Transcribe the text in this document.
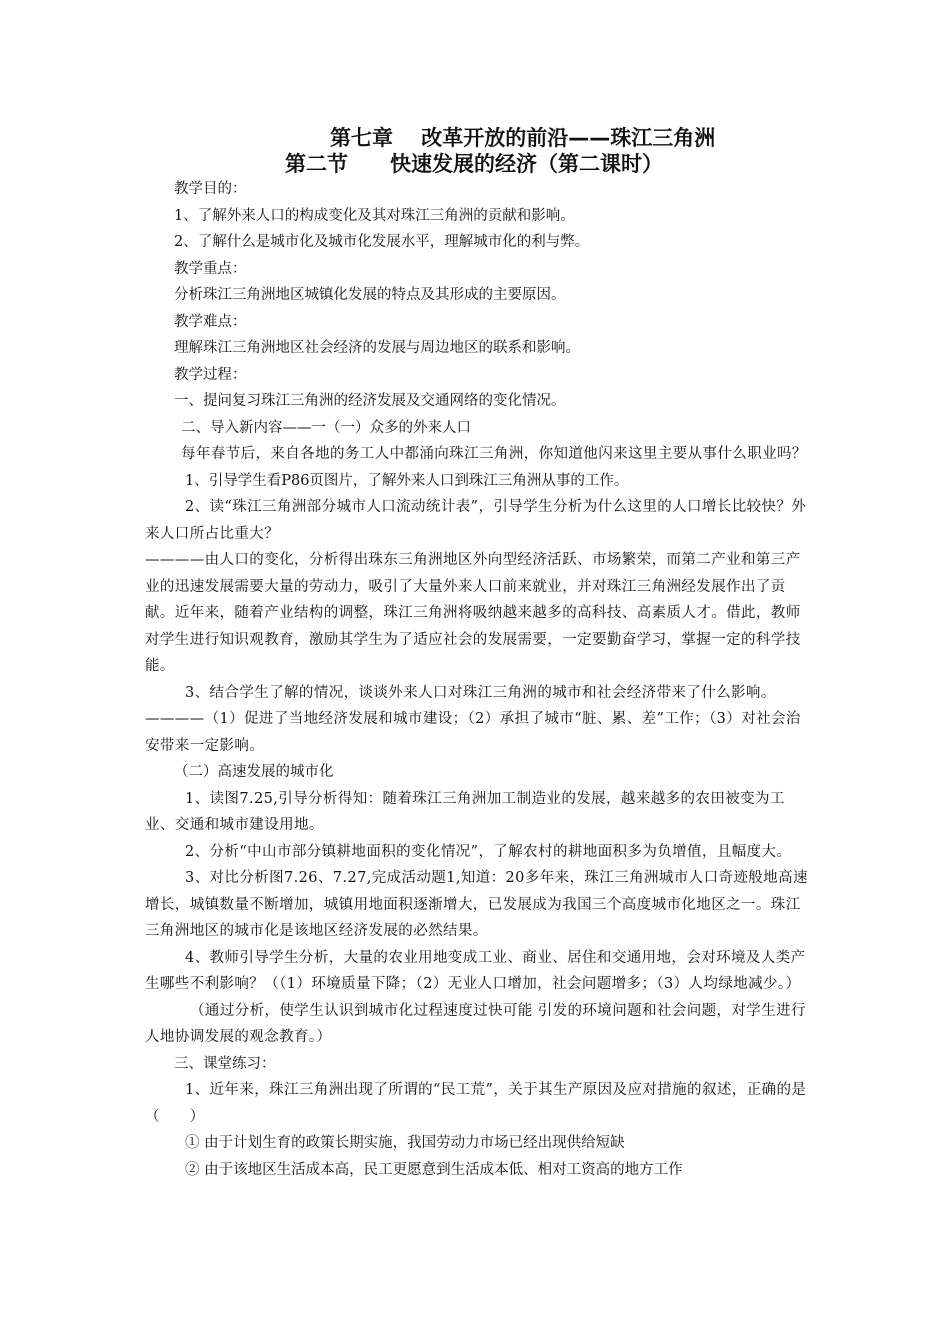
第七章　 改革开放的前沿——珠江三角洲
第二节　　快速发展的经济（第二课时）

教学目的：

1、了解外来人口的构成变化及其对珠江三角洲的贡献和影响。

2、了解什么是城市化及城市化发展水平，理解城市化的利与弊。

教学重点：

分析珠江三角洲地区城镇化发展的特点及其形成的主要原因。

教学难点：

理解珠江三角洲地区社会经济的发展与周边地区的联系和影响。

教学过程：

一、提问复习珠江三角洲的经济发展及交通网络的变化情况。

二、导入新内容——一（一）众多的外来人口

每年春节后，来自各地的务工人中都涌向珠江三角洲，你知道他闪来这里主要从事什么职业吗？

1、引导学生看P86页图片，了解外来人口到珠江三角洲从事的工作。

2、读“珠江三角洲部分城市人口流动统计表”，引导学生分析为什么这里的人口增长比较快？外来人口所占比重大？

————由人口的变化，分析得出珠东三角洲地区外向型经济活跃、市场繁荣，而第二产业和第三产业的迅速发展需要大量的劳动力，吸引了大量外来人口前来就业，并对珠江三角洲经发展作出了贡献。近年来，随着产业结构的调整，珠江三角洲将吸纳越来越多的高科技、高素质人才。借此，教师对学生进行知识观教育，激励其学生为了适应社会的发展需要，一定要勤奋学习，掌握一定的科学技能。

3、结合学生了解的情况，谈谈外来人口对珠江三角洲的城市和社会经济带来了什么影响。

————（1）促进了当地经济发展和城市建设；（2）承担了城市“脏、累、差”工作；（3）对社会治安带来一定影响。

（二）高速发展的城市化

1、读图7.25,引导分析得知：随着珠江三角洲加工制造业的发展，越来越多的农田被变为工业、交通和城市建设用地。

2、分析“中山市部分镇耕地面积的变化情况”，了解农村的耕地面积多为负增值，且幅度大。

3、对比分析图7.26、7.27,完成活动题1,知道：20多年来，珠江三角洲城市人口奇迹般地高速增长，城镇数量不断增加，城镇用地面积逐渐增大，已发展成为我国三个高度城市化地区之一。珠江三角洲地区的城市化是该地区经济发展的必然结果。

4、教师引导学生分析，大量的农业用地变成工业、商业、居住和交通用地，会对环境及人类产生哪些不利影响？（（1）环境质量下降；（2）无业人口增加，社会问题增多；（3）人均绿地减少。）

（通过分析，使学生认识到城市化过程速度过快可能 引发的环境问题和社会问题，对学生进行人地协调发展的观念教育。）

三、课堂练习：

1、近年来，珠江三角洲出现了所谓的“民工荒”，关于其生产原因及应对措施的叙述，正确的是（　　）

① 由于计划生育的政策长期实施，我国劳动力市场已经出现供给短缺

② 由于该地区生活成本高，民工更愿意到生活成本低、相对工资高的地方工作
